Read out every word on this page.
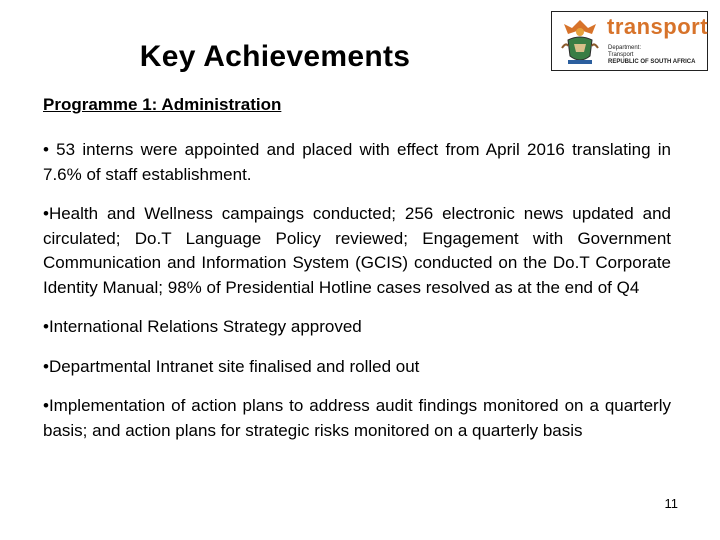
Key Achievements
transport
Department:
Transport
REPUBLIC OF SOUTH AFRICA
Programme 1: Administration

• 53 interns were appointed and placed with effect from April 2016 translating in 7.6% of staff establishment.

•Health and Wellness campaings conducted; 256 electronic news updated and circulated; Do.T Language Policy reviewed; Engagement with Government Communication and Information System (GCIS) conducted on the Do.T Corporate Identity Manual; 98% of Presidential Hotline cases resolved as at the end of Q4

•International Relations Strategy approved

•Departmental Intranet site finalised and rolled out

•Implementation of action plans to address audit findings monitored on a quarterly basis; and action plans for strategic risks monitored on a quarterly basis

11
